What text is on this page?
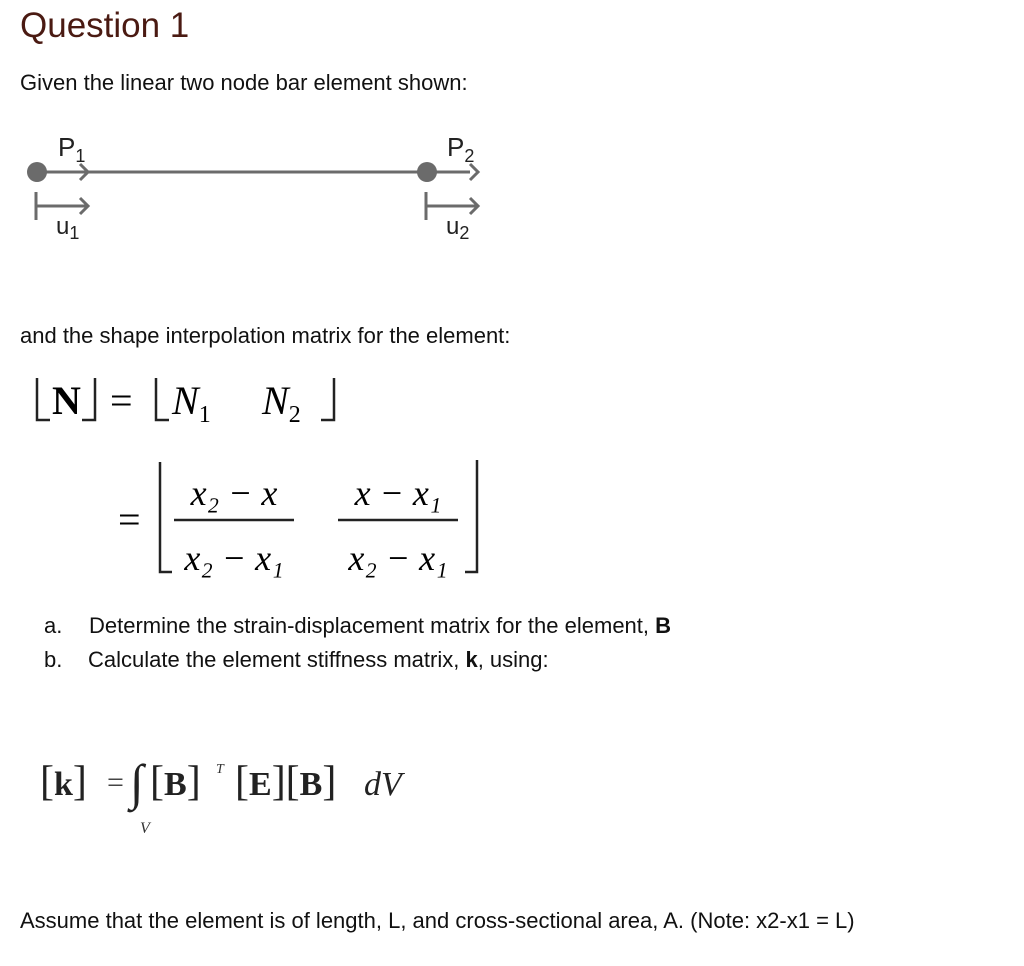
Question 1
Given the linear two node bar element shown:
$P_1$	$P_2$
$u_1$	$u_2$
and the shape interpolation matrix for the element:
$N = N_1$ $N_2$
=
x₂ − x
x₂ − x₁
x − x₁
x₂ − x₁
a. Determine the strain-displacement matrix for the element, B
b. Calculate the element stiffness matrix, k, using:
[k] = ∫
V
[B] T [E][B] dV
Assume that the element is of length, L, and cross-sectional area, A. (Note: x2-x1 = L)
